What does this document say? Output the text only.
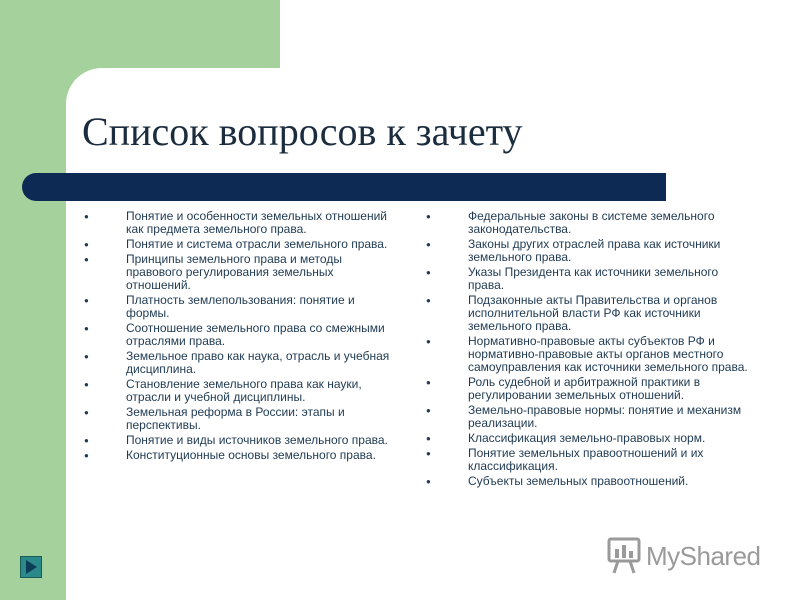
Список вопросов к зачету
● Понятие и особенности земельных отношений как предмета земельного права.
● Понятие и система отрасли земельного права.
● Принципы земельного права и методы правового регулирования земельных отношений.
● Платность землепользования: понятие и формы.
● Соотношение земельного права со смежными отраслями права.
● Земельное право как наука, отрасль и учебная дисциплина.
● Становление земельного права как науки, отрасли и учебной дисциплины.
● Земельная реформа в России: этапы и перспективы.
● Понятие и виды источников земельного права.
● Конституционные основы земельного права.
● Федеральные законы в системе земельного законодательства.
● Законы других отраслей права как источники земельного права.
● Указы Президента как источники земельного права.
● Подзаконные акты Правительства и органов исполнительной власти РФ как источники земельного права.
● Нормативно-правовые акты субъектов РФ и нормативно-правовые акты органов местного самоуправления как источники земельного права.
● Роль судебной и арбитражной практики в регулировании земельных отношений.
● Земельно-правовые нормы: понятие и механизм реализации.
● Классификация земельно-правовых норм.
● Понятие земельных правоотношений и их классификация.
● Субъекты земельных правоотношений.
MyShared
